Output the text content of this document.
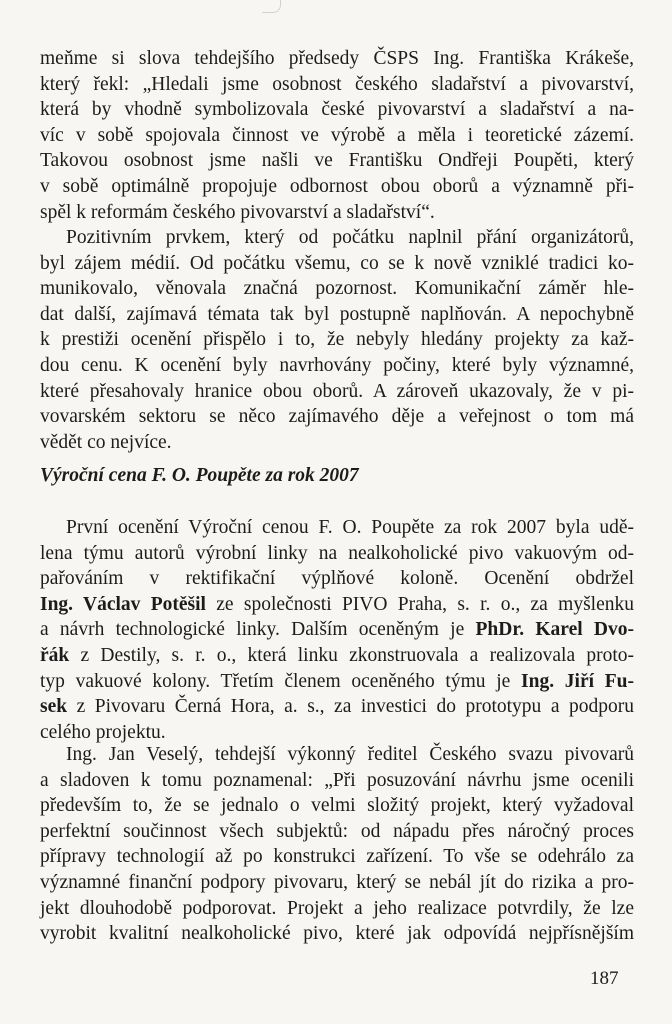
meňme si slova tehdejšího předsedy ČSPS Ing. Františka Krákeše,
který řekl: „Hledali jsme osobnost českého sladařství a pivovarství,
která by vhodně symbolizovala české pivovarství a sladařství a na-
víc v sobě spojovala činnost ve výrobě a měla i teoretické zázemí.
Takovou osobnost jsme našli ve Františku Ondřeji Poupěti, který
v sobě optimálně propojuje odbornost obou oborů a významně při-
spěl k reformám českého pivovarství a sladařství“.
Pozitivním prvkem, který od počátku naplnil přání organizátorů,
byl zájem médií. Od počátku všemu, co se k nově vzniklé tradici ko-
munikovalo, věnovala značná pozornost. Komunikační záměr hle-
dat další, zajímavá témata tak byl postupně naplňován. A nepochybně
k prestiži ocenění přispělo i to, že nebyly hledány projekty za kaž-
dou cenu. K ocenění byly navrhovány počiny, které byly významné,
které přesahovaly hranice obou oborů. A zároveň ukazovaly, že v pi-
vovarském sektoru se něco zajímavého děje a veřejnost o tom má
vědět co nejvíce.
Výroční cena F. O. Poupěte za rok 2007
První ocenění Výroční cenou F. O. Poupěte za rok 2007 byla udě-
lena týmu autorů výrobní linky na nealkoholické pivo vakuovým od-
pařováním v rektifikační výplňové koloně. Ocenění obdržel
Ing. Václav Potěšil ze společnosti PIVO Praha, s. r. o., za myšlenku
a návrh technologické linky. Dalším oceněným je PhDr. Karel Dvo-
řák z Destily, s. r. o., která linku zkonstruovala a realizovala proto-
typ vakuové kolony. Třetím členem oceněného týmu je Ing. Jiří Fu-
sek z Pivovaru Černá Hora, a. s., za investici do prototypu a podporu
celého projektu.
Ing. Jan Veselý, tehdejší výkonný ředitel Českého svazu pivovarů
a sladoven k tomu poznamenal: „Při posuzování návrhu jsme ocenili
především to, že se jednalo o velmi složitý projekt, který vyžadoval
perfektní součinnost všech subjektů: od nápadu přes náročný proces
přípravy technologií až po konstrukci zařízení. To vše se odehrálo za
významné finanční podpory pivovaru, který se nebál jít do rizika a pro-
jekt dlouhodobě podporovat. Projekt a jeho realizace potvrdily, že lze
vyrobit kvalitní nealkoholické pivo, které jak odpovídá nejpřísnějším
187
